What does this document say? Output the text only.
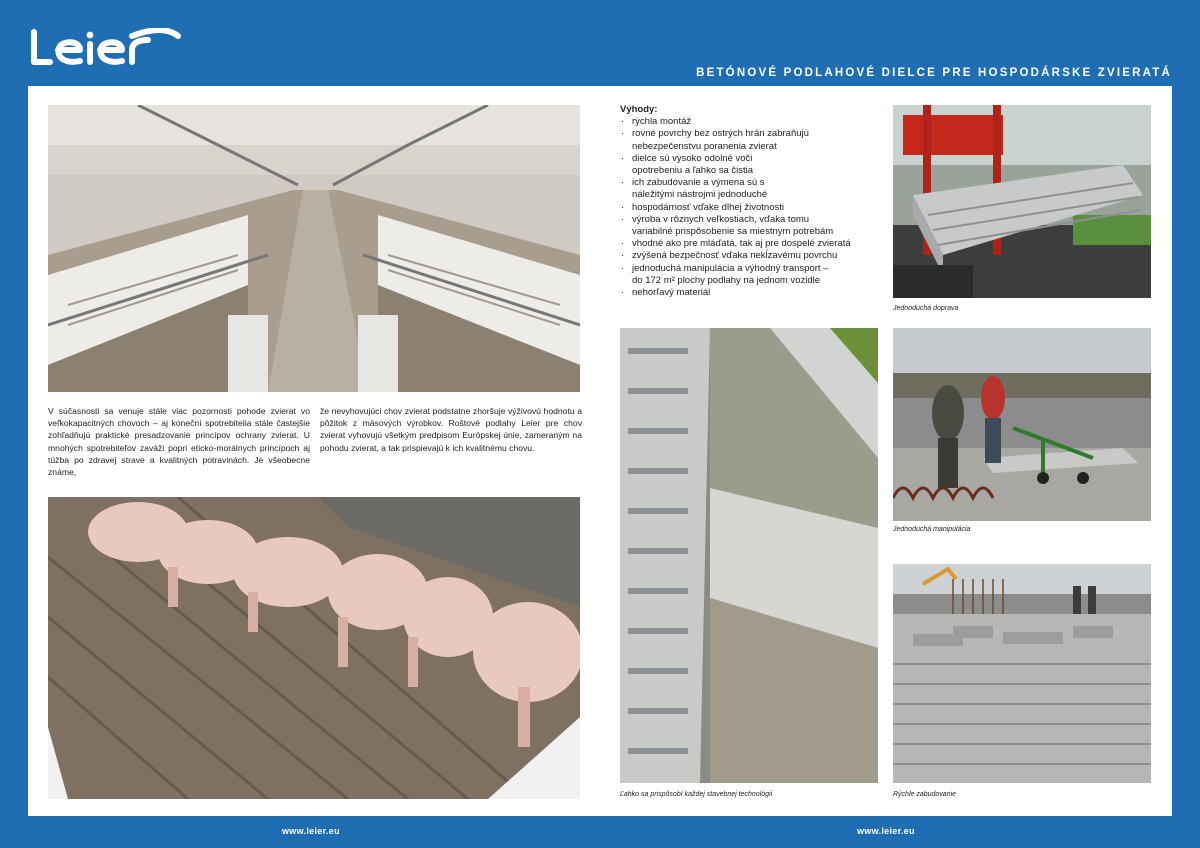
BETÓNOVÉ PODLAHOVÉ DIELCE PRE HOSPODÁRSKE ZVIERATÁ

V súčasnosti sa venuje stále viac pozornosti pohode zvierat vo veľkokapacitných chovoch – aj koneční spotrebitelia stále častejšie zohľadňujú praktické presadzovanie princípov ochrany zvierat. U mnohých spotrebiteľov zaváži popri eticko-morálnych princípoch aj túžba po zdravej strave a kvalitných potravinách. Je všeobecne známe,

že nevyhovujúci chov zvierat podstatne zhoršuje výživovú hodnotu a pôžitok z mäsových výrobkov. Roštové podlahy Leier pre chov zvierat vyhovujú všetkým predpisom Európskej únie, zameraným na pohodu zvierat, a tak prispievajú k ich kvalitnému chovu.

Výhody:
· rýchla montáž
· rovné povrchy bez ostrých hrán zabraňujú
nebezpečenstvu poranenia zvierat
· dielce sú vysoko odolné voči
opotrebeniu a ľahko sa čistia
· ich zabudovanie a výmena sú s
náležitými nástrojmi jednoduché
· hospodárnosť vďake dlhej životnosti
· výroba v rôznych veľkostiach, vďaka tomu
variabilné prispôsobenie sa miestnym potrebám
· vhodné ako pre mláďatá, tak aj pre dospelé zvieratá
· zvýšená bezpečnosť vďaka nekĺzavému povrchu
· jednoduchá manipulácia a výhodný transport –
do 172 m² plochy podlahy na jednom vozidle
· nehorľavý materiál
Jednoduchá doprava
Ľahko sa prispôsobí každej stavebnej technológii
Jednoduchá manipulácia
Rýchle zabudovanie
www.leier.eu	www.leier.eu
